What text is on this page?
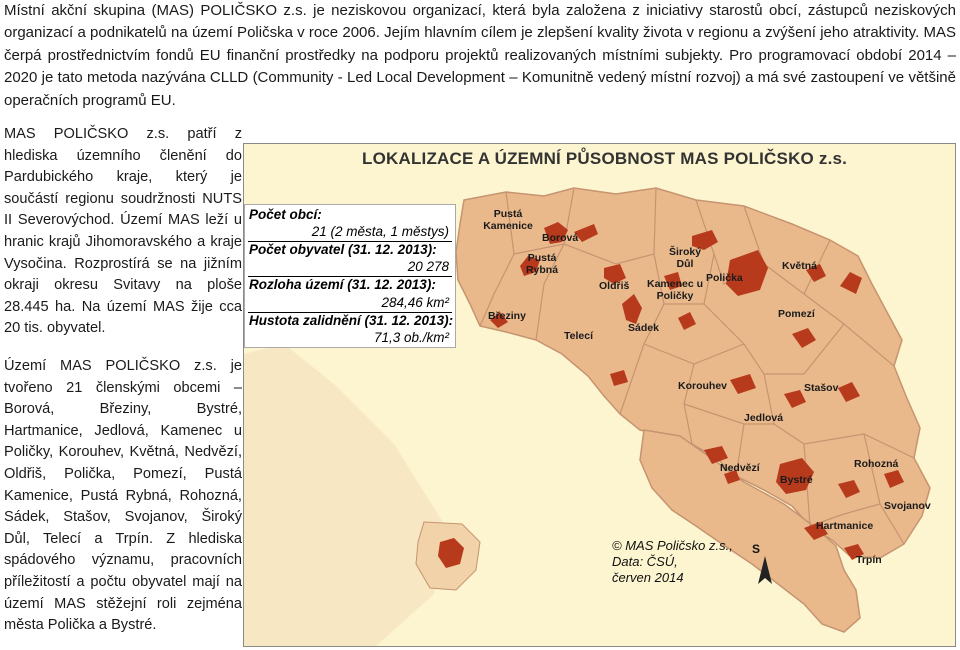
Místní akční skupina (MAS) POLIČSKO z.s. je neziskovou organizací, která byla založena z iniciativy starostů obcí, zástupců neziskových organizací a podnikatelů na území Poličska v roce 2006. Jejím hlavním cílem je zlepšení kvality života v regionu a zvýšení jeho atraktivity. MAS čerpá prostřednictvím fondů EU finanční prostředky na podporu projektů realizovaných místními subjekty. Pro programovací období 2014 – 2020 je tato metoda nazývána CLLD (Community - Led Local Development – Komunitně vedený místní rozvoj) a má své zastoupení ve většině operačních programů EU.

MAS POLIČSKO z.s. patří z hlediska územního členění do Pardubického kraje, který je součástí regionu soudržnosti NUTS II Severovýchod. Území MAS leží u hranic krajů Jihomoravského a kraje Vysočina. Rozprostírá se na jižním okraji okresu Svitavy na ploše 28.445 ha. Na území MAS žije cca 20 tis. obyvatel.

Území MAS POLIČSKO z.s. je tvořeno 21 členskými obcemi – Borová, Březiny, Bystré, Hartmanice, Jedlová, Kamenec u Poličky, Korouhev, Květná, Nedvězí, Oldřiš, Polička, Pomezí, Pustá Kamenice, Pustá Rybná, Rohozná, Sádek, Stašov, Svojanov, Široký Důl, Telecí a Trpín. Z hlediska spádového významu, pracovních příležitostí a počtu obyvatel mají na území MAS stěžejní roli zejména města Polička a Bystré.

LOKALIZACE A ÚZEMNÍ PŮSOBNOST MAS POLIČSKO z.s.
Počet obcí:
21 (2 města, 1 městys)
Počet obyvatel (31. 12. 2013):
20 278
Rozloha území (31. 12. 2013):
284,46 km²
Hustota zalidnění (31. 12. 2013):
71,3 ob./km²
Pustá Kamenice
Borová
Pustá Rybná
Široký Důl	Květná
Oldřiš Kamenec u Poličky
Polička
Pomezí
Březiny
Sádek
Telecí
Korouhev	Stašov
Jedlová
Nedvězí
Bystré
Rohozná
Svojanov
Hartmanice
Trpín
© MAS Poličsko z.s.,
Data: ČSÚ,
červen 2014
S
